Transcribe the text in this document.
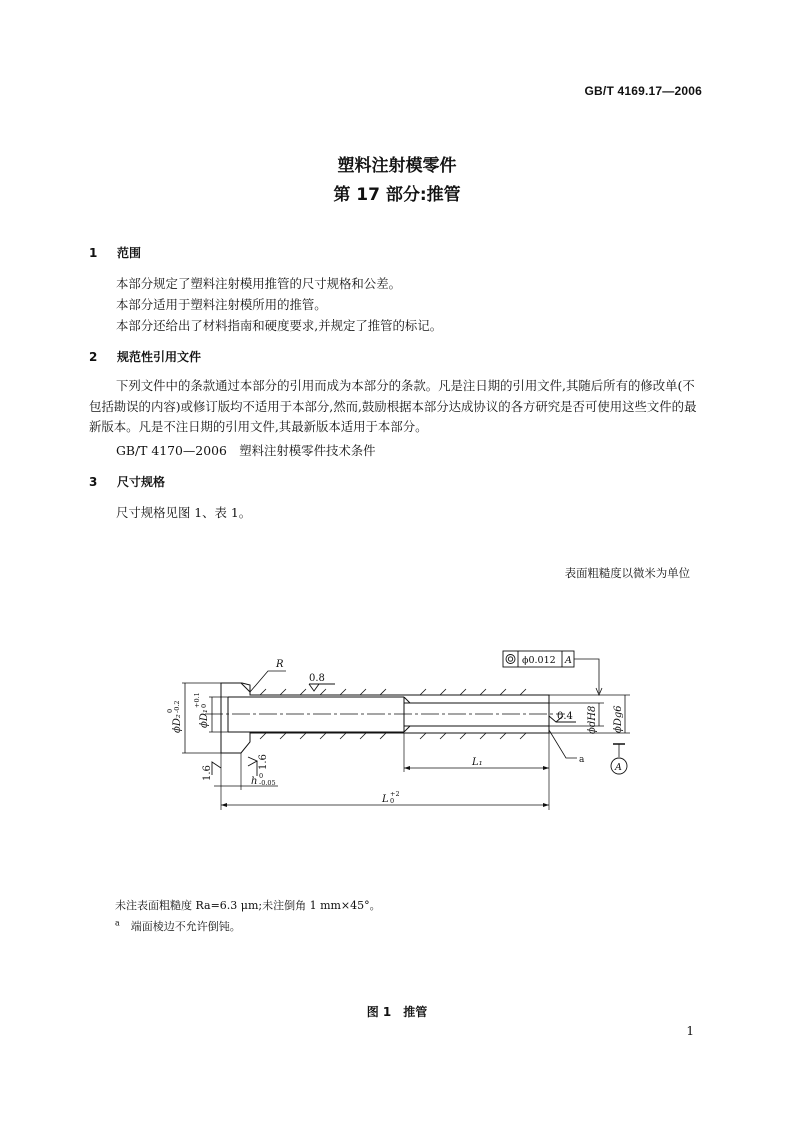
GB/T 4169.17—2006
塑料注射模零件
第 17 部分:推管
1 范围
本部分规定了塑料注射模用推管的尺寸规格和公差。
本部分适用于塑料注射模所用的推管。
本部分还给出了材料指南和硬度要求,并规定了推管的标记。
2 规范性引用文件
下列文件中的条款通过本部分的引用而成为本部分的条款。凡是注日期的引用文件,其随后所有的修改单(不包括勘误的内容)或修订版均不适用于本部分,然而,鼓励根据本部分达成协议的各方研究是否可使用这些文件的最新版本。凡是不注日期的引用文件,其最新版本适用于本部分。
GB/T 4170—2006　塑料注射模零件技术条件
3 尺寸规格
尺寸规格见图 1、表 1。
表面粗糙度以微米为单位
R
0.8
0.4
ϕ0.012 A
A
a
L₁
L +2
0
h 0
-0.05
ϕD₂
0 -0.2
ϕD₁
+0.1 0	ϕdH8 ϕDg6
1.6
1.6
未注表面粗糙度 Ra=6.3 μm;未注倒角 1 mm×45°。
$^a$　 端面棱边不允许倒钝。
图 1　推管
1
